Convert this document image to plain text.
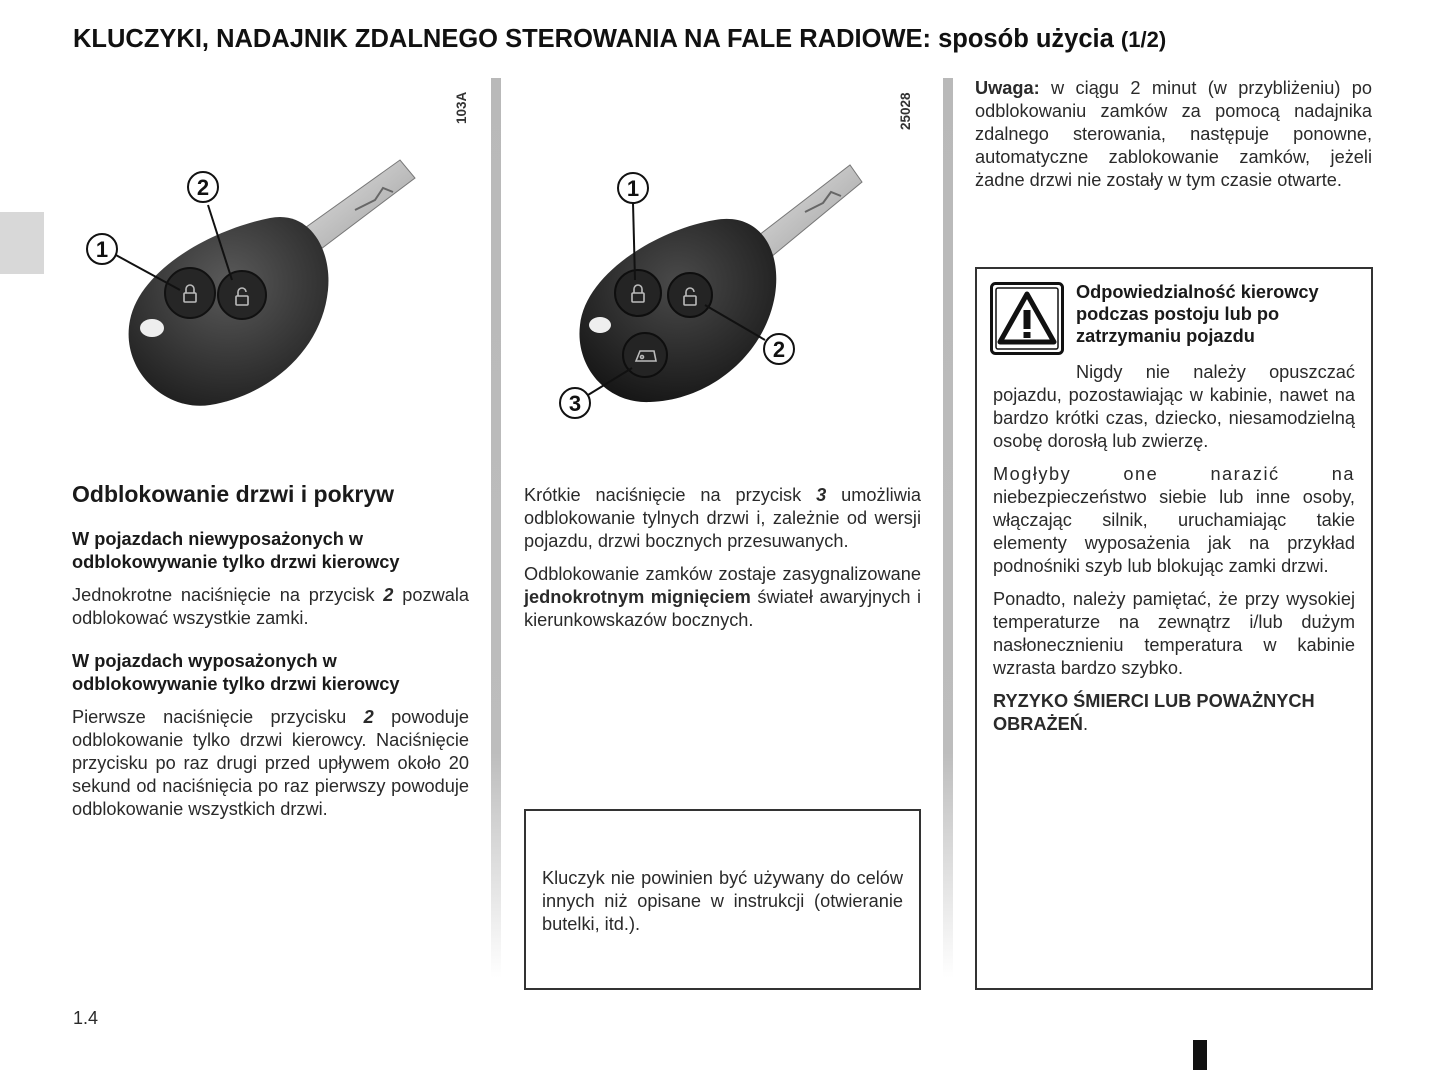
KLUCZYKI, NADAJNIK ZDALNEGO STEROWANIA NA FALE RADIOWE: sposób użycia (1/2)
103A
1
2
25028
1
2
3
Odblokowanie drzwi i pokryw

W pojazdach niewyposażonych w odblokowywanie tylko drzwi kierowcy

Jednokrotne naciśnięcie na przycisk 2 pozwala odblokować wszystkie zamki.

W pojazdach wyposażonych w odblokowywanie tylko drzwi kierowcy

Pierwsze naciśnięcie przycisku 2 powoduje odblokowanie tylko drzwi kierowcy. Naciśnięcie przycisku po raz drugi przed upływem około 20 sekund od naciśnięcia po raz pierwszy powoduje odblokowanie wszystkich drzwi.

Krótkie naciśnięcie na przycisk 3 umożliwia odblokowanie tylnych drzwi i, zależnie od wersji pojazdu, drzwi bocznych przesuwanych.

Odblokowanie zamków zostaje zasygnalizowane jednokrotnym mignięciem świateł awaryjnych i kierunkowskazów bocznych.

Kluczyk nie powinien być używany do celów innych niż opisane w instrukcji (otwieranie butelki, itd.).

Uwaga: w ciągu 2 minut (w przybliżeniu) po odblokowaniu zamków za pomocą nadajnika zdalnego sterowania, następuje ponowne, automatyczne zablokowanie zamków, jeżeli żadne drzwi nie zostały w tym czasie otwarte.

Odpowiedzialność kierowcy podczas postoju lub po zatrzymaniu pojazdu

Nigdy nie należy opuszczać pojazdu, pozostawiając w kabinie, nawet na bardzo krótki czas, dziecko, niesamodzielną osobę dorosłą lub zwierzę.

Mogłyby one narazić na

niebezpieczeństwo siebie lub inne osoby, włączając silnik, uruchamiając takie elementy wyposażenia jak na przykład podnośniki szyb lub blokując zamki drzwi.

Ponadto, należy pamiętać, że przy wysokiej temperaturze na zewnątrz i/lub dużym nasłonecznieniu temperatura w kabinie wzrasta bardzo szybko.

RYZYKO ŚMIERCI LUB POWAŻNYCH OBRAŻEŃ.

1.4
